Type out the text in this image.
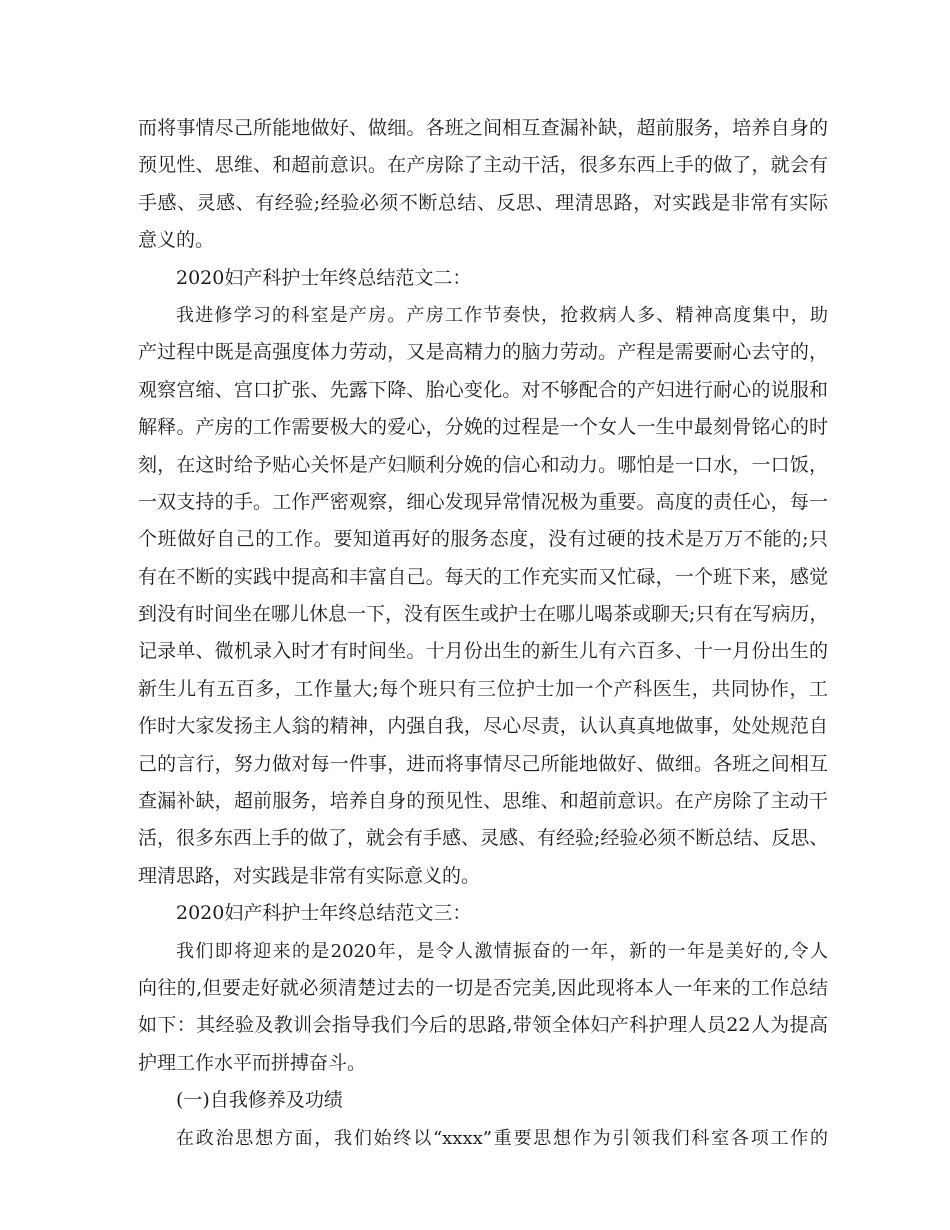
而将事情尽己所能地做好、做细。各班之间相互查漏补缺，超前服务，培养自身的
预见性、思维、和超前意识。在产房除了主动干活，很多东西上手的做了，就会有
手感、灵感、有经验;经验必须不断总结、反思、理清思路，对实践是非常有实际
意义的。
2020妇产科护士年终总结范文二：
我进修学习的科室是产房。产房工作节奏快，抢救病人多、精神高度集中，助
产过程中既是高强度体力劳动，又是高精力的脑力劳动。产程是需要耐心去守的，
观察宫缩、宫口扩张、先露下降、胎心变化。对不够配合的产妇进行耐心的说服和
解释。产房的工作需要极大的爱心，分娩的过程是一个女人一生中最刻骨铭心的时
刻，在这时给予贴心关怀是产妇顺利分娩的信心和动力。哪怕是一口水，一口饭，
一双支持的手。工作严密观察，细心发现异常情况极为重要。高度的责任心，每一
个班做好自己的工作。要知道再好的服务态度，没有过硬的技术是万万不能的;只
有在不断的实践中提高和丰富自己。每天的工作充实而又忙碌，一个班下来，感觉
到没有时间坐在哪儿休息一下，没有医生或护士在哪儿喝茶或聊天;只有在写病历，
记录单、微机录入时才有时间坐。十月份出生的新生儿有六百多、十一月份出生的
新生儿有五百多，工作量大;每个班只有三位护士加一个产科医生，共同协作，工
作时大家发扬主人翁的精神，内强自我，尽心尽责，认认真真地做事，处处规范自
己的言行，努力做对每一件事，进而将事情尽己所能地做好、做细。各班之间相互
查漏补缺，超前服务，培养自身的预见性、思维、和超前意识。在产房除了主动干
活，很多东西上手的做了，就会有手感、灵感、有经验;经验必须不断总结、反思、
理清思路，对实践是非常有实际意义的。
2020妇产科护士年终总结范文三：
我们即将迎来的是2020年，是令人激情振奋的一年，新的一年是美好的,令人
向往的,但要走好就必须清楚过去的一切是否完美,因此现将本人一年来的工作总结
如下：其经验及教训会指导我们今后的思路,带领全体妇产科护理人员22人为提高
护理工作水平而拼搏奋斗。
(一)自我修养及功绩
在政治思想方面，我们始终以“xxxx”重要思想作为引领我们科室各项工作的
